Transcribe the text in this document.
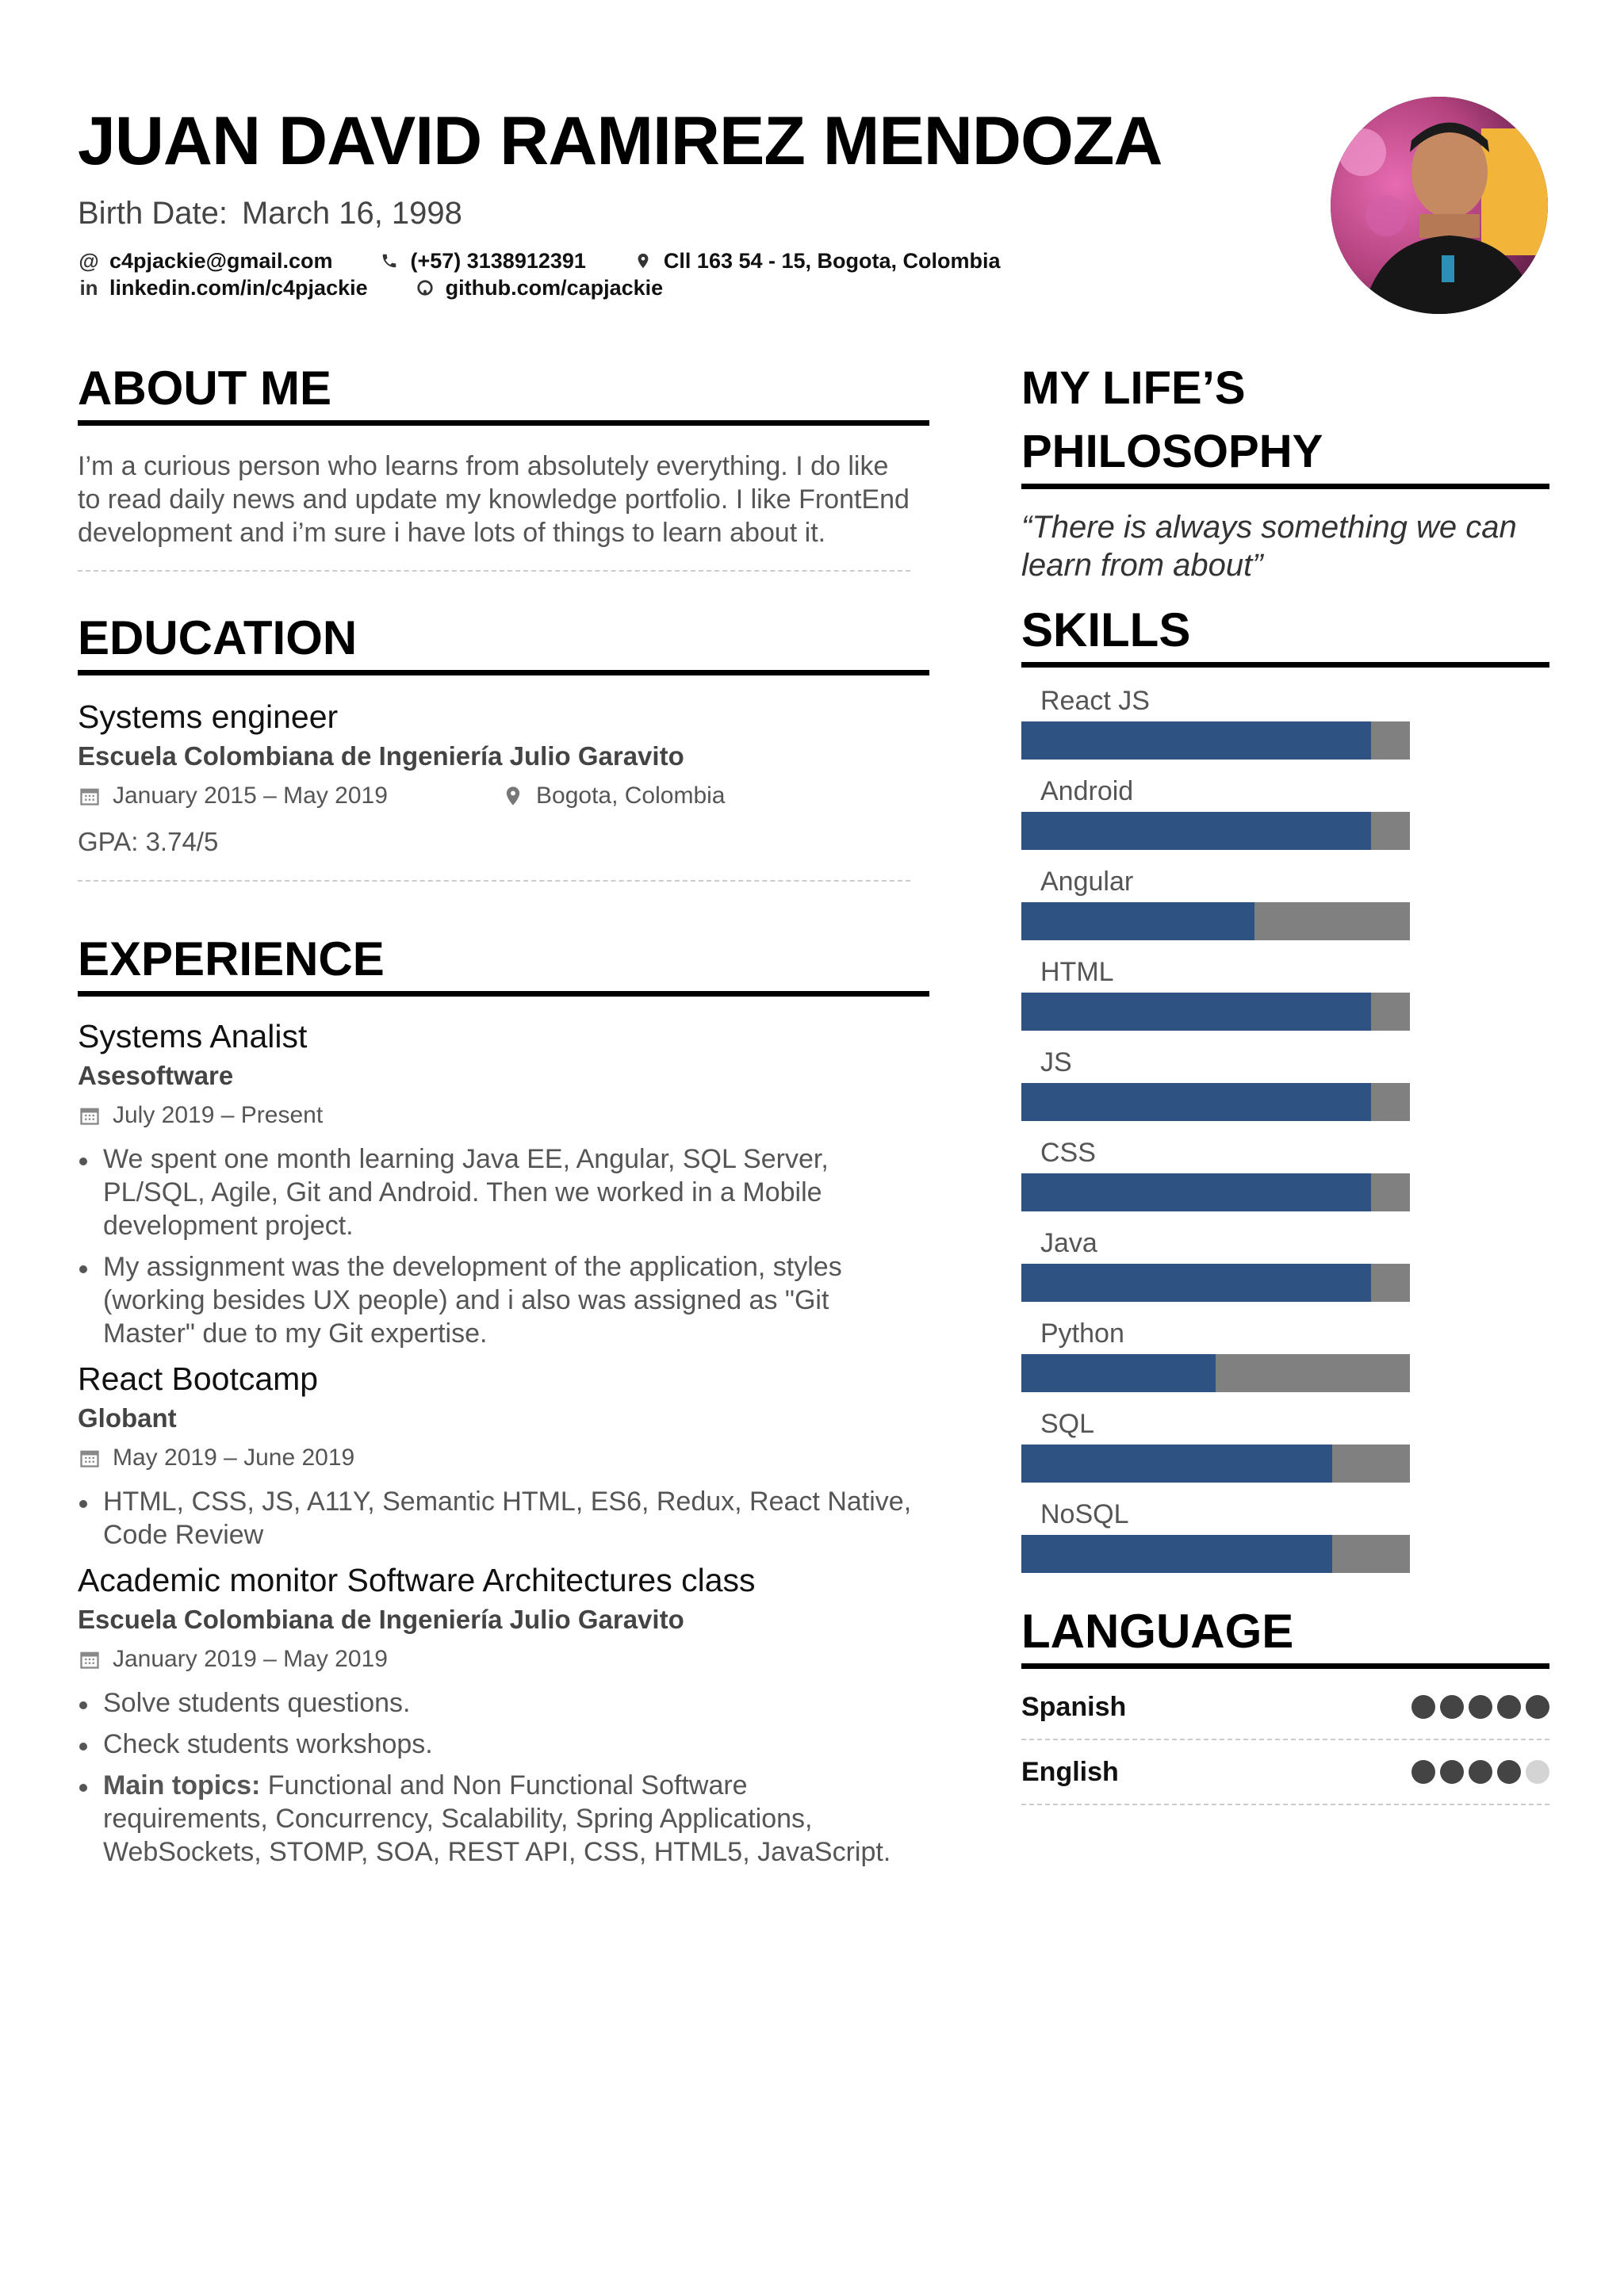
JUAN DAVID RAMIREZ MENDOZA
Birth Date: March 16, 1998
@ c4pjackie@gmail.com	(+57) 3138912391	Cll 163 54 - 15, Bogota, Colombia
in linkedin.com/in/c4pjackie	github.com/capjackie
ABOUT ME
I’m a curious person who learns from absolutely everything. I do like to read daily news and update my knowledge portfolio. I like FrontEnd development and i’m sure i have lots of things to learn about it.
EDUCATION
Systems engineer
Escuela Colombiana de Ingeniería Julio Garavito
January 2015 – May 2019	Bogota, Colombia
GPA: 3.74/5
EXPERIENCE
Systems Analist
Asesoftware
July 2019 – Present
We spent one month learning Java EE, Angular, SQL Server, PL/SQL, Agile, Git and Android. Then we worked in a Mobile development project.
My assignment was the development of the application, styles (working besides UX people) and i also was assigned as "Git Master" due to my Git expertise.
React Bootcamp
Globant
May 2019 – June 2019
HTML, CSS, JS, A11Y, Semantic HTML, ES6, Redux, React Native, Code Review
Academic monitor Software Architectures class
Escuela Colombiana de Ingeniería Julio Garavito
January 2019 – May 2019
Solve students questions.
Check students workshops.
Main topics: Functional and Non Functional Software requirements, Concurrency, Scalability, Spring Applications, WebSockets, STOMP, SOA, REST API, CSS, HTML5, JavaScript.
MY LIFE’S PHILOSOPHY
“There is always something we can learn from about”
SKILLS
React JS
Android
Angular
HTML
JS
CSS
Java
Python
SQL
NoSQL
LANGUAGE
Spanish
English
